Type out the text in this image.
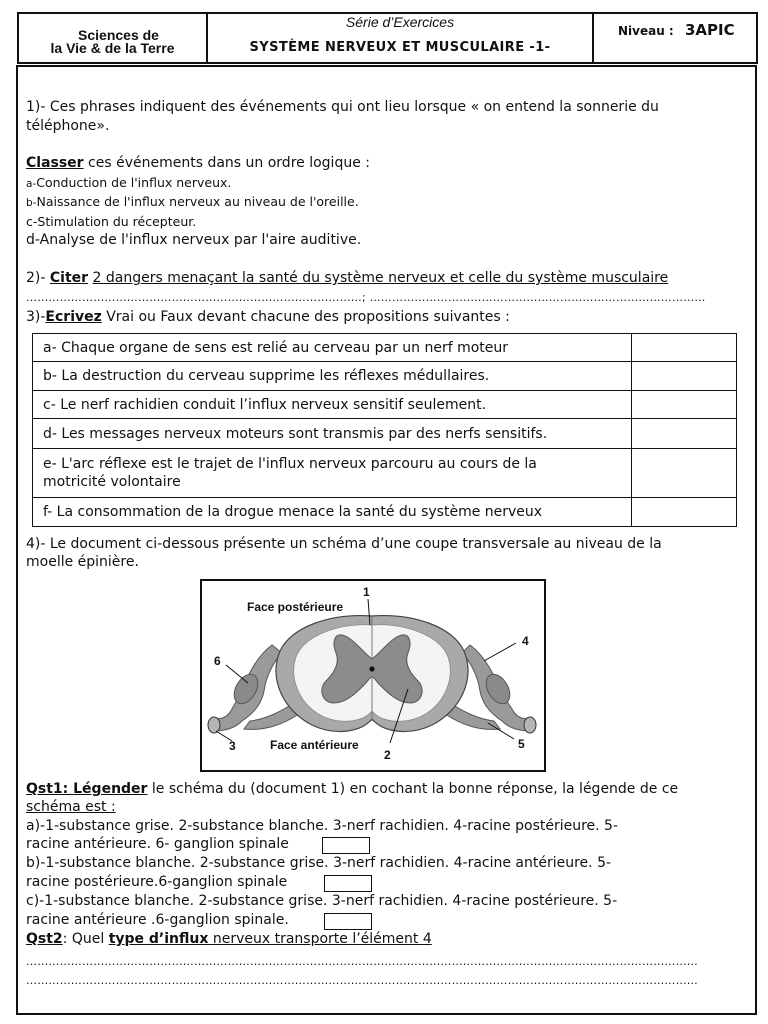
Sciences de
la Vie & de la Terre
Série d’Exercices
SYSTÈME NERVEUX ET MUSCULAIRE -1-
Niveau : 3APIC
1)- Ces phrases indiquent des événements qui ont lieu lorsque « on entend la sonnerie du
téléphone».
Classer ces événements dans un ordre logique :
a-Conduction de l'influx nerveux.
b-Naissance de l'influx nerveux au niveau de l'oreille.
c-Stimulation du récepteur.
d-Analyse de l'influx nerveux par l'aire auditive.
2)- Citer 2 dangers menaçant la santé du système nerveux et celle du système musculaire
………………………………………………………………………………; ………………………………………………………………………………
3)-Ecrivez Vrai ou Faux devant chacune des propositions suivantes :
a- Chaque organe de sens est relié au cerveau par un nerf moteur	
b- La destruction du cerveau supprime les réflexes médullaires.	
c- Le nerf rachidien conduit l’influx nerveux sensitif seulement.	
d- Les messages nerveux moteurs sont transmis par des nerfs sensitifs.	

e- L'arc réflexe est le trajet de l'influx nerveux parcouru au cours de la
motricité volontaire	

f- La consommation de la drogue menace la santé du système nerveux	
4)- Le document ci-dessous présente un schéma d’une coupe transversale au niveau de la
moelle épinière.
Face postérieure
Face antérieure
1
2
3
4
5
6
Qst1: Légender le schéma du (document 1) en cochant la bonne réponse, la légende de ce
schéma est :
a)-1-substance grise. 2-substance blanche. 3-nerf rachidien. 4-racine postérieure. 5-
racine antérieure. 6- ganglion spinale
b)-1-substance blanche. 2-substance grise. 3-nerf rachidien. 4-racine antérieure. 5-
racine postérieure.6-ganglion spinale
c)-1-substance blanche. 2-substance grise. 3-nerf rachidien. 4-racine postérieure. 5-
racine antérieure .6-ganglion spinale.
Qst2: Quel type d’influx nerveux transporte l’élément 4
………………………………………………………………………………………………………………………………………………………………
………………………………………………………………………………………………………………………………………………………………
